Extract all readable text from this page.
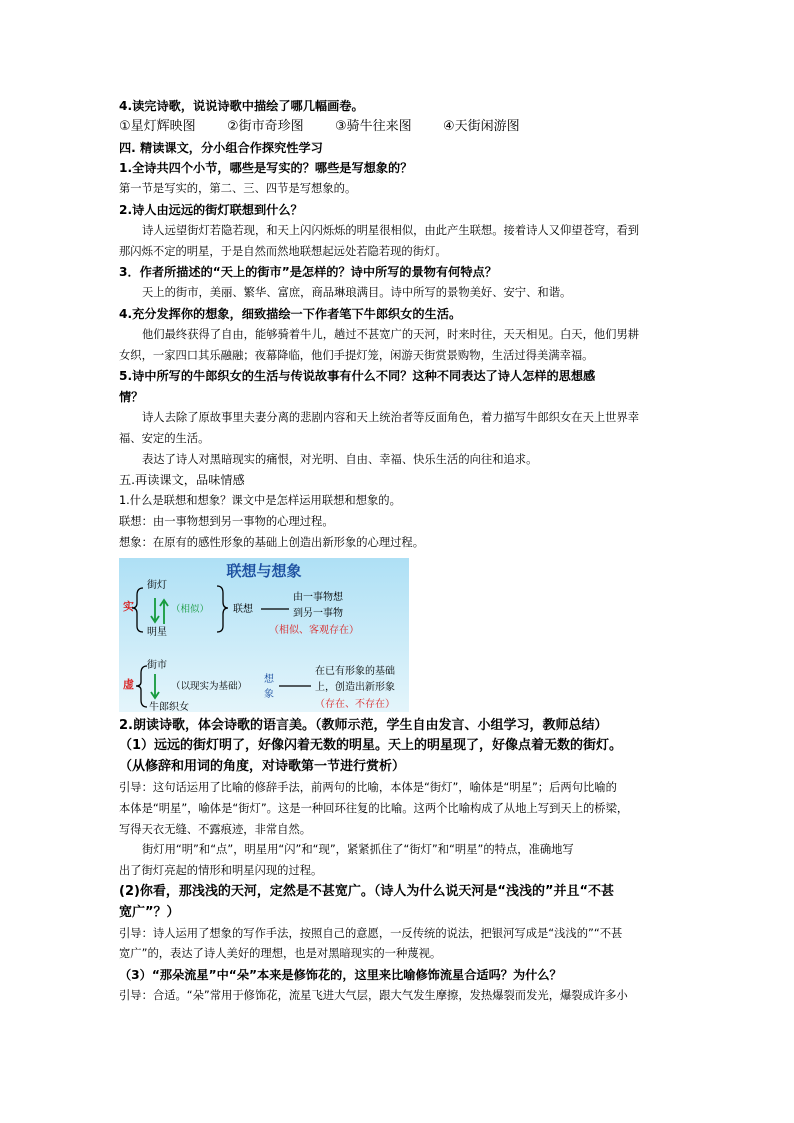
4.读完诗歌，说说诗歌中描绘了哪几幅画卷。
①星灯辉映图	②街市奇珍图	③骑牛往来图	④天街闲游图
四. 精读课文，分小组合作探究性学习
1.全诗共四个小节，哪些是写实的？哪些是写想象的？
第一节是写实的，第二、三、四节是写想象的。
2.诗人由远远的街灯联想到什么？
诗人远望街灯若隐若现，和天上闪闪烁烁的明星很相似，由此产生联想。接着诗人又仰望苍穹，看到
那闪烁不定的明星，于是自然而然地联想起远处若隐若现的街灯。
3．作者所描述的“天上的街市”是怎样的？诗中所写的景物有何特点？
天上的街市，美丽、繁华、富庶，商品琳琅满目。诗中所写的景物美好、安宁、和谐。
4.充分发挥你的想象，细致描绘一下作者笔下牛郎织女的生活。
他们最终获得了自由，能够骑着牛儿，趟过不甚宽广的天河，时来时往，天天相见。白天，他们男耕
女织，一家四口其乐融融；夜幕降临，他们手提灯笼，闲游天街赏景购物，生活过得美满幸福。
5.诗中所写的牛郎织女的生活与传说故事有什么不同？这种不同表达了诗人怎样的思想感
情？
诗人去除了原故事里夫妻分离的悲剧内容和天上统治者等反面角色，着力描写牛郎织女在天上世界幸
福、安定的生活。
表达了诗人对黑暗现实的痛恨，对光明、自由、幸福、快乐生活的向往和追求。
五.再读课文，品味情感
1.什么是联想和想象？课文中是怎样运用联想和想象的。
联想：由一事物想到另一事物的心理过程。
想象：在原有的感性形象的基础上创造出新形象的心理过程。
联想与想象
实
街灯
明星
（相似） 联想
由一事物想
到另一事物
（相似、客观存在）
虚
街市
牛郎织女
（以现实为基础）
想
象
在已有形象的基础
上，创造出新形象
（存在、不存在）
2.朗读诗歌，体会诗歌的语言美。（教师示范，学生自由发言、小组学习，教师总结）
（1）远远的街灯明了，好像闪着无数的明星。天上的明星现了，好像点着无数的街灯。
（从修辞和用词的角度，对诗歌第一节进行赏析）
引导：这句话运用了比喻的修辞手法，前两句的比喻，本体是“街灯”，喻体是“明星”；后两句比喻的
本体是“明星”，喻体是“街灯”。这是一种回环往复的比喻。这两个比喻构成了从地上写到天上的桥梁，
写得天衣无缝、不露痕迹，非常自然。
街灯用“明”和“点”，明星用“闪”和“现”，紧紧抓住了“街灯”和“明星”的特点，准确地写
出了街灯亮起的情形和明星闪现的过程。
(2)你看，那浅浅的天河，定然是不甚宽广。（诗人为什么说天河是“浅浅的”并且“不甚
宽广”？）
引导：诗人运用了想象的写作手法，按照自己的意愿，一反传统的说法，把银河写成是“浅浅的”“不甚
宽广”的，表达了诗人美好的理想，也是对黑暗现实的一种蔑视。
（3）“那朵流星”中“朵”本来是修饰花的，这里来比喻修饰流星合适吗？为什么？
引导：合适。“朵”常用于修饰花，流星飞进大气层，跟大气发生摩擦，发热爆裂而发光，爆裂成许多小
